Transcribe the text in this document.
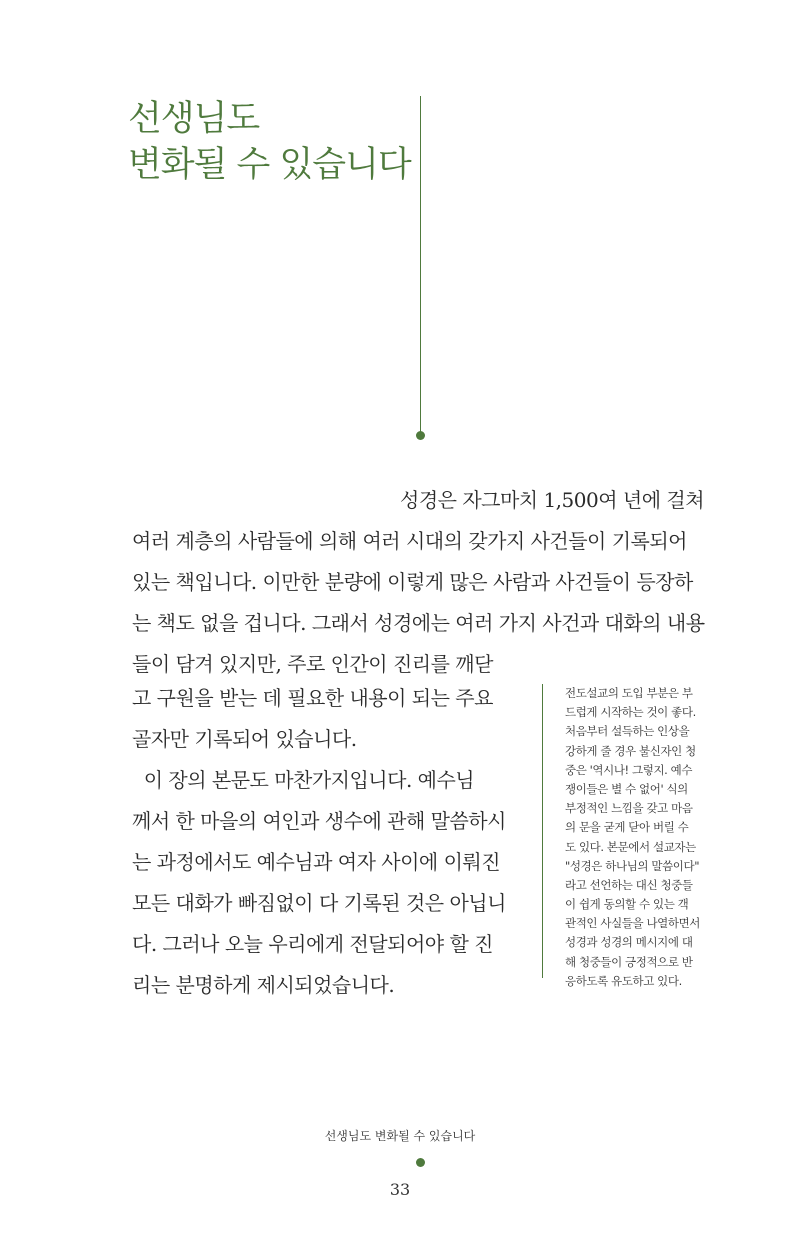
선생님도
변화될 수 있습니다
성경은 자그마치 1,500여 년에 걸쳐
여러 계층의 사람들에 의해 여러 시대의 갖가지 사건들이 기록되어
있는 책입니다. 이만한 분량에 이렇게 많은 사람과 사건들이 등장하
는 책도 없을 겁니다. 그래서 성경에는 여러 가지 사건과 대화의 내용
들이 담겨 있지만, 주로 인간이 진리를 깨닫
고 구원을 받는 데 필요한 내용이 되는 주요
골자만 기록되어 있습니다.
이 장의 본문도 마찬가지입니다. 예수님
께서 한 마을의 여인과 생수에 관해 말씀하시
는 과정에서도 예수님과 여자 사이에 이뤄진
모든 대화가 빠짐없이 다 기록된 것은 아닙니
다. 그러나 오늘 우리에게 전달되어야 할 진
리는 분명하게 제시되었습니다.
전도설교의 도입 부분은 부
드럽게 시작하는 것이 좋다.
처음부터 설득하는 인상을
강하게 줄 경우 불신자인 청
중은 '역시나! 그렇지. 예수
쟁이들은 별 수 없어' 식의
부정적인 느낌을 갖고 마음
의 문을 굳게 닫아 버릴 수
도 있다. 본문에서 설교자는
"성경은 하나님의 말씀이다"
라고 선언하는 대신 청중들
이 쉽게 동의할 수 있는 객
관적인 사실들을 나열하면서
성경과 성경의 메시지에 대
해 청중들이 긍정적으로 반
응하도록 유도하고 있다.
선생님도 변화될 수 있습니다
33
